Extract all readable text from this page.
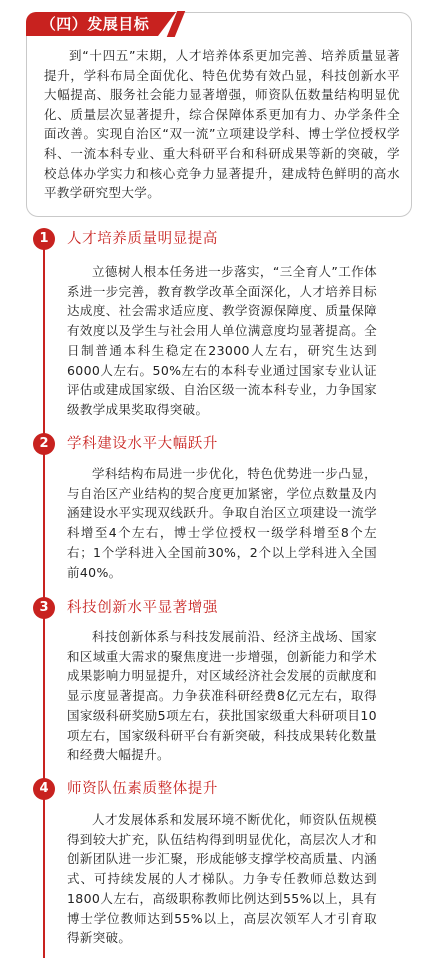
（四）发展目标
到“十四五”末期，人才培养体系更加完善、培养质量显著提升，学科布局全面优化、特色优势有效凸显，科技创新水平大幅提高、服务社会能力显著增强，师资队伍数量结构明显优化、质量层次显著提升，综合保障体系更加有力、办学条件全面改善。实现自治区“双一流”立项建设学科、博士学位授权学科、一流本科专业、重大科研平台和科研成果等新的突破，学校总体办学实力和核心竞争力显著提升，建成特色鲜明的高水平教学研究型大学。
1	人才培养质量明显提高
立德树人根本任务进一步落实，“三全育人”工作体系进一步完善，教育教学改革全面深化，人才培养目标达成度、社会需求适应度、教学资源保障度、质量保障有效度以及学生与社会用人单位满意度均显著提高。全日制普通本科生稳定在23000人左右，研究生达到6000人左右。50%左右的本科专业通过国家专业认证评估或建成国家级、自治区级一流本科专业，力争国家级教学成果奖取得突破。
2	学科建设水平大幅跃升
学科结构布局进一步优化，特色优势进一步凸显，与自治区产业结构的契合度更加紧密，学位点数量及内涵建设水平实现双线跃升。争取自治区立项建设一流学科增至4个左右，博士学位授权一级学科增至8个左右；1个学科进入全国前30%，2个以上学科进入全国前40%。
3	科技创新水平显著增强
科技创新体系与科技发展前沿、经济主战场、国家和区域重大需求的聚焦度进一步增强，创新能力和学术成果影响力明显提升，对区域经济社会发展的贡献度和显示度显著提高。力争获准科研经费8亿元左右，取得国家级科研奖励5项左右，获批国家级重大科研项目10项左右，国家级科研平台有新突破，科技成果转化数量和经费大幅提升。
4	师资队伍素质整体提升
人才发展体系和发展环境不断优化，师资队伍规模得到较大扩充，队伍结构得到明显优化，高层次人才和创新团队进一步汇聚，形成能够支撑学校高质量、内涵式、可持续发展的人才梯队。力争专任教师总数达到1800人左右，高级职称教师比例达到55%以上，具有博士学位教师达到55%以上，高层次领军人才引育取得新突破。
